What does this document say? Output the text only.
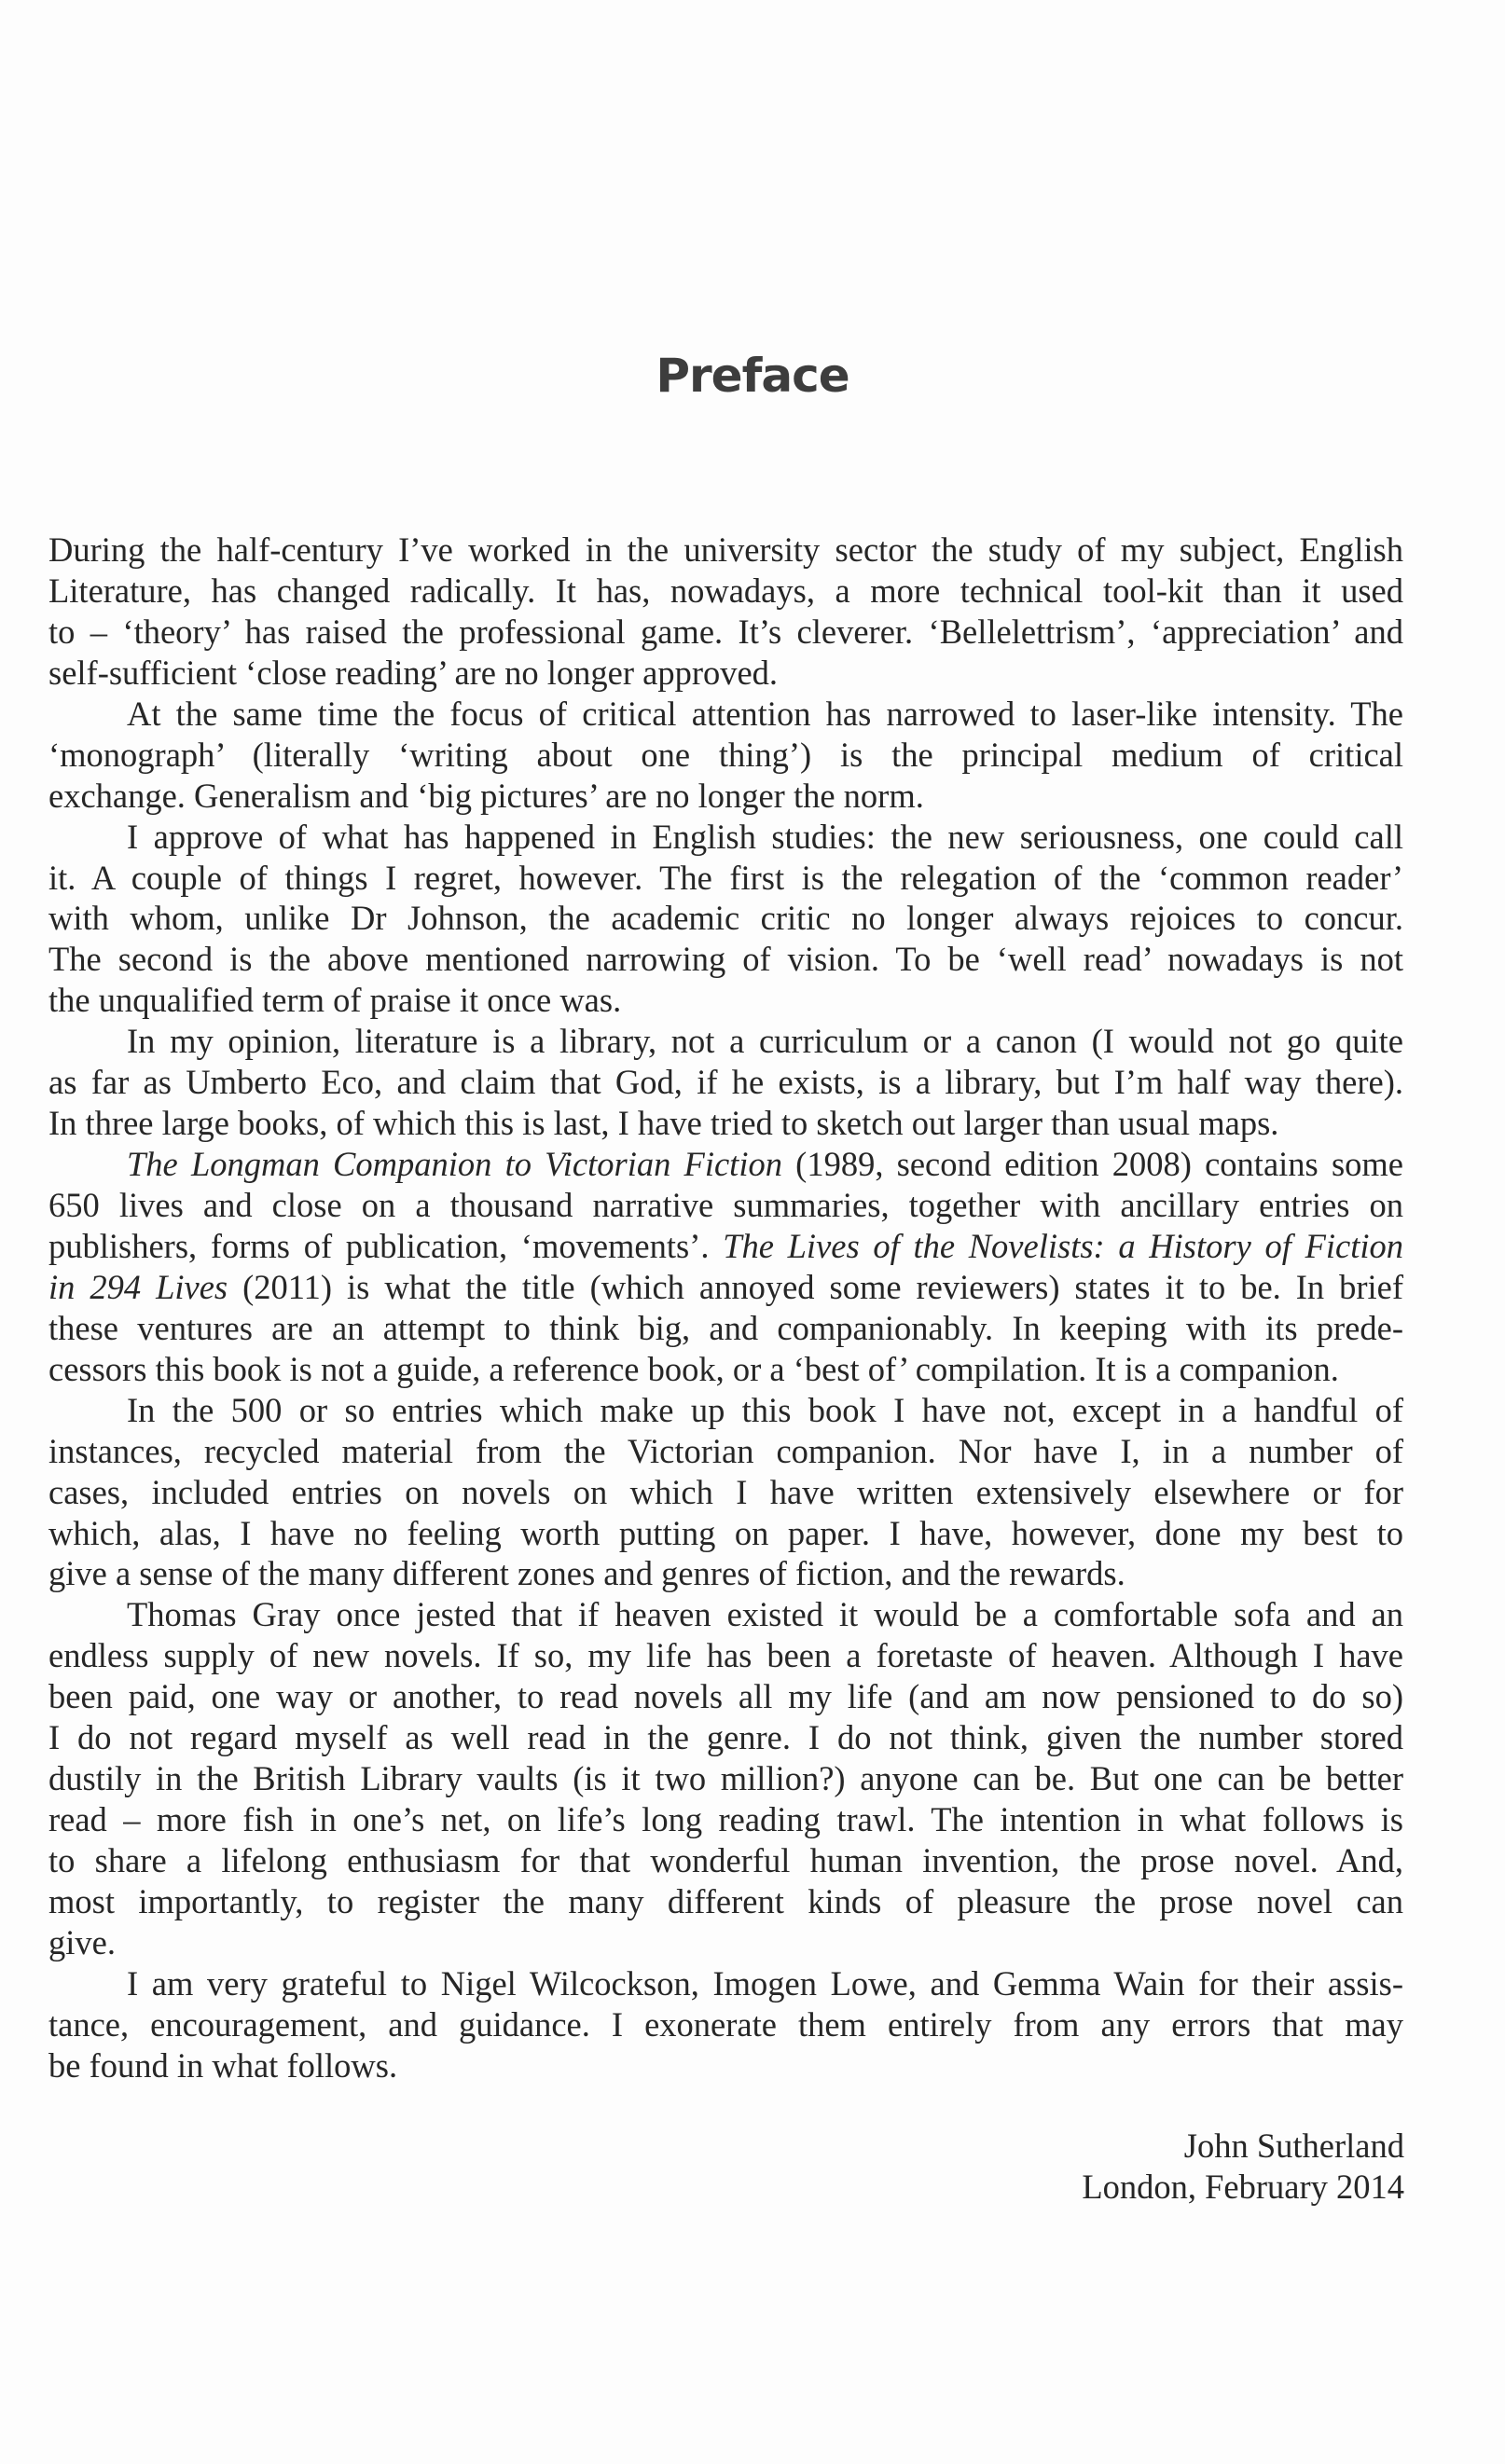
Preface
During the half-century I’ve worked in the university sector the study of my subject, English
Literature, has changed radically. It has, nowadays, a more technical tool-kit than it used
to – ‘theory’ has raised the professional game. It’s cleverer. ‘Bellelettrism’, ‘appreciation’ and
self-sufficient ‘close reading’ are no longer approved.
At the same time the focus of critical attention has narrowed to laser-like intensity. The
‘monograph’ (literally ‘writing about one thing’) is the principal medium of critical
exchange. Generalism and ‘big pictures’ are no longer the norm.
I approve of what has happened in English studies: the new seriousness, one could call
it. A couple of things I regret, however. The first is the relegation of the ‘common reader’
with whom, unlike Dr Johnson, the academic critic no longer always rejoices to concur.
The second is the above mentioned narrowing of vision. To be ‘well read’ nowadays is not
the unqualified term of praise it once was.
In my opinion, literature is a library, not a curriculum or a canon (I would not go quite
as far as Umberto Eco, and claim that God, if he exists, is a library, but I’m half way there).
In three large books, of which this is last, I have tried to sketch out larger than usual maps.
The Longman Companion to Victorian Fiction (1989, second edition 2008) contains some
650 lives and close on a thousand narrative summaries, together with ancillary entries on
publishers, forms of publication, ‘movements’. The Lives of the Novelists: a History of Fiction
in 294 Lives (2011) is what the title (which annoyed some reviewers) states it to be. In brief
these ventures are an attempt to think big, and companionably. In keeping with its prede-
cessors this book is not a guide, a reference book, or a ‘best of’ compilation. It is a companion.
In the 500 or so entries which make up this book I have not, except in a handful of
instances, recycled material from the Victorian companion. Nor have I, in a number of
cases, included entries on novels on which I have written extensively elsewhere or for
which, alas, I have no feeling worth putting on paper. I have, however, done my best to
give a sense of the many different zones and genres of fiction, and the rewards.
Thomas Gray once jested that if heaven existed it would be a comfortable sofa and an
endless supply of new novels. If so, my life has been a foretaste of heaven. Although I have
been paid, one way or another, to read novels all my life (and am now pensioned to do so)
I do not regard myself as well read in the genre. I do not think, given the number stored
dustily in the British Library vaults (is it two million?) anyone can be. But one can be better
read – more fish in one’s net, on life’s long reading trawl. The intention in what follows is
to share a lifelong enthusiasm for that wonderful human invention, the prose novel. And,
most importantly, to register the many different kinds of pleasure the prose novel can
give.
I am very grateful to Nigel Wilcockson, Imogen Lowe, and Gemma Wain for their assis-
tance, encouragement, and guidance. I exonerate them entirely from any errors that may
be found in what follows.
John Sutherland
London, February 2014
